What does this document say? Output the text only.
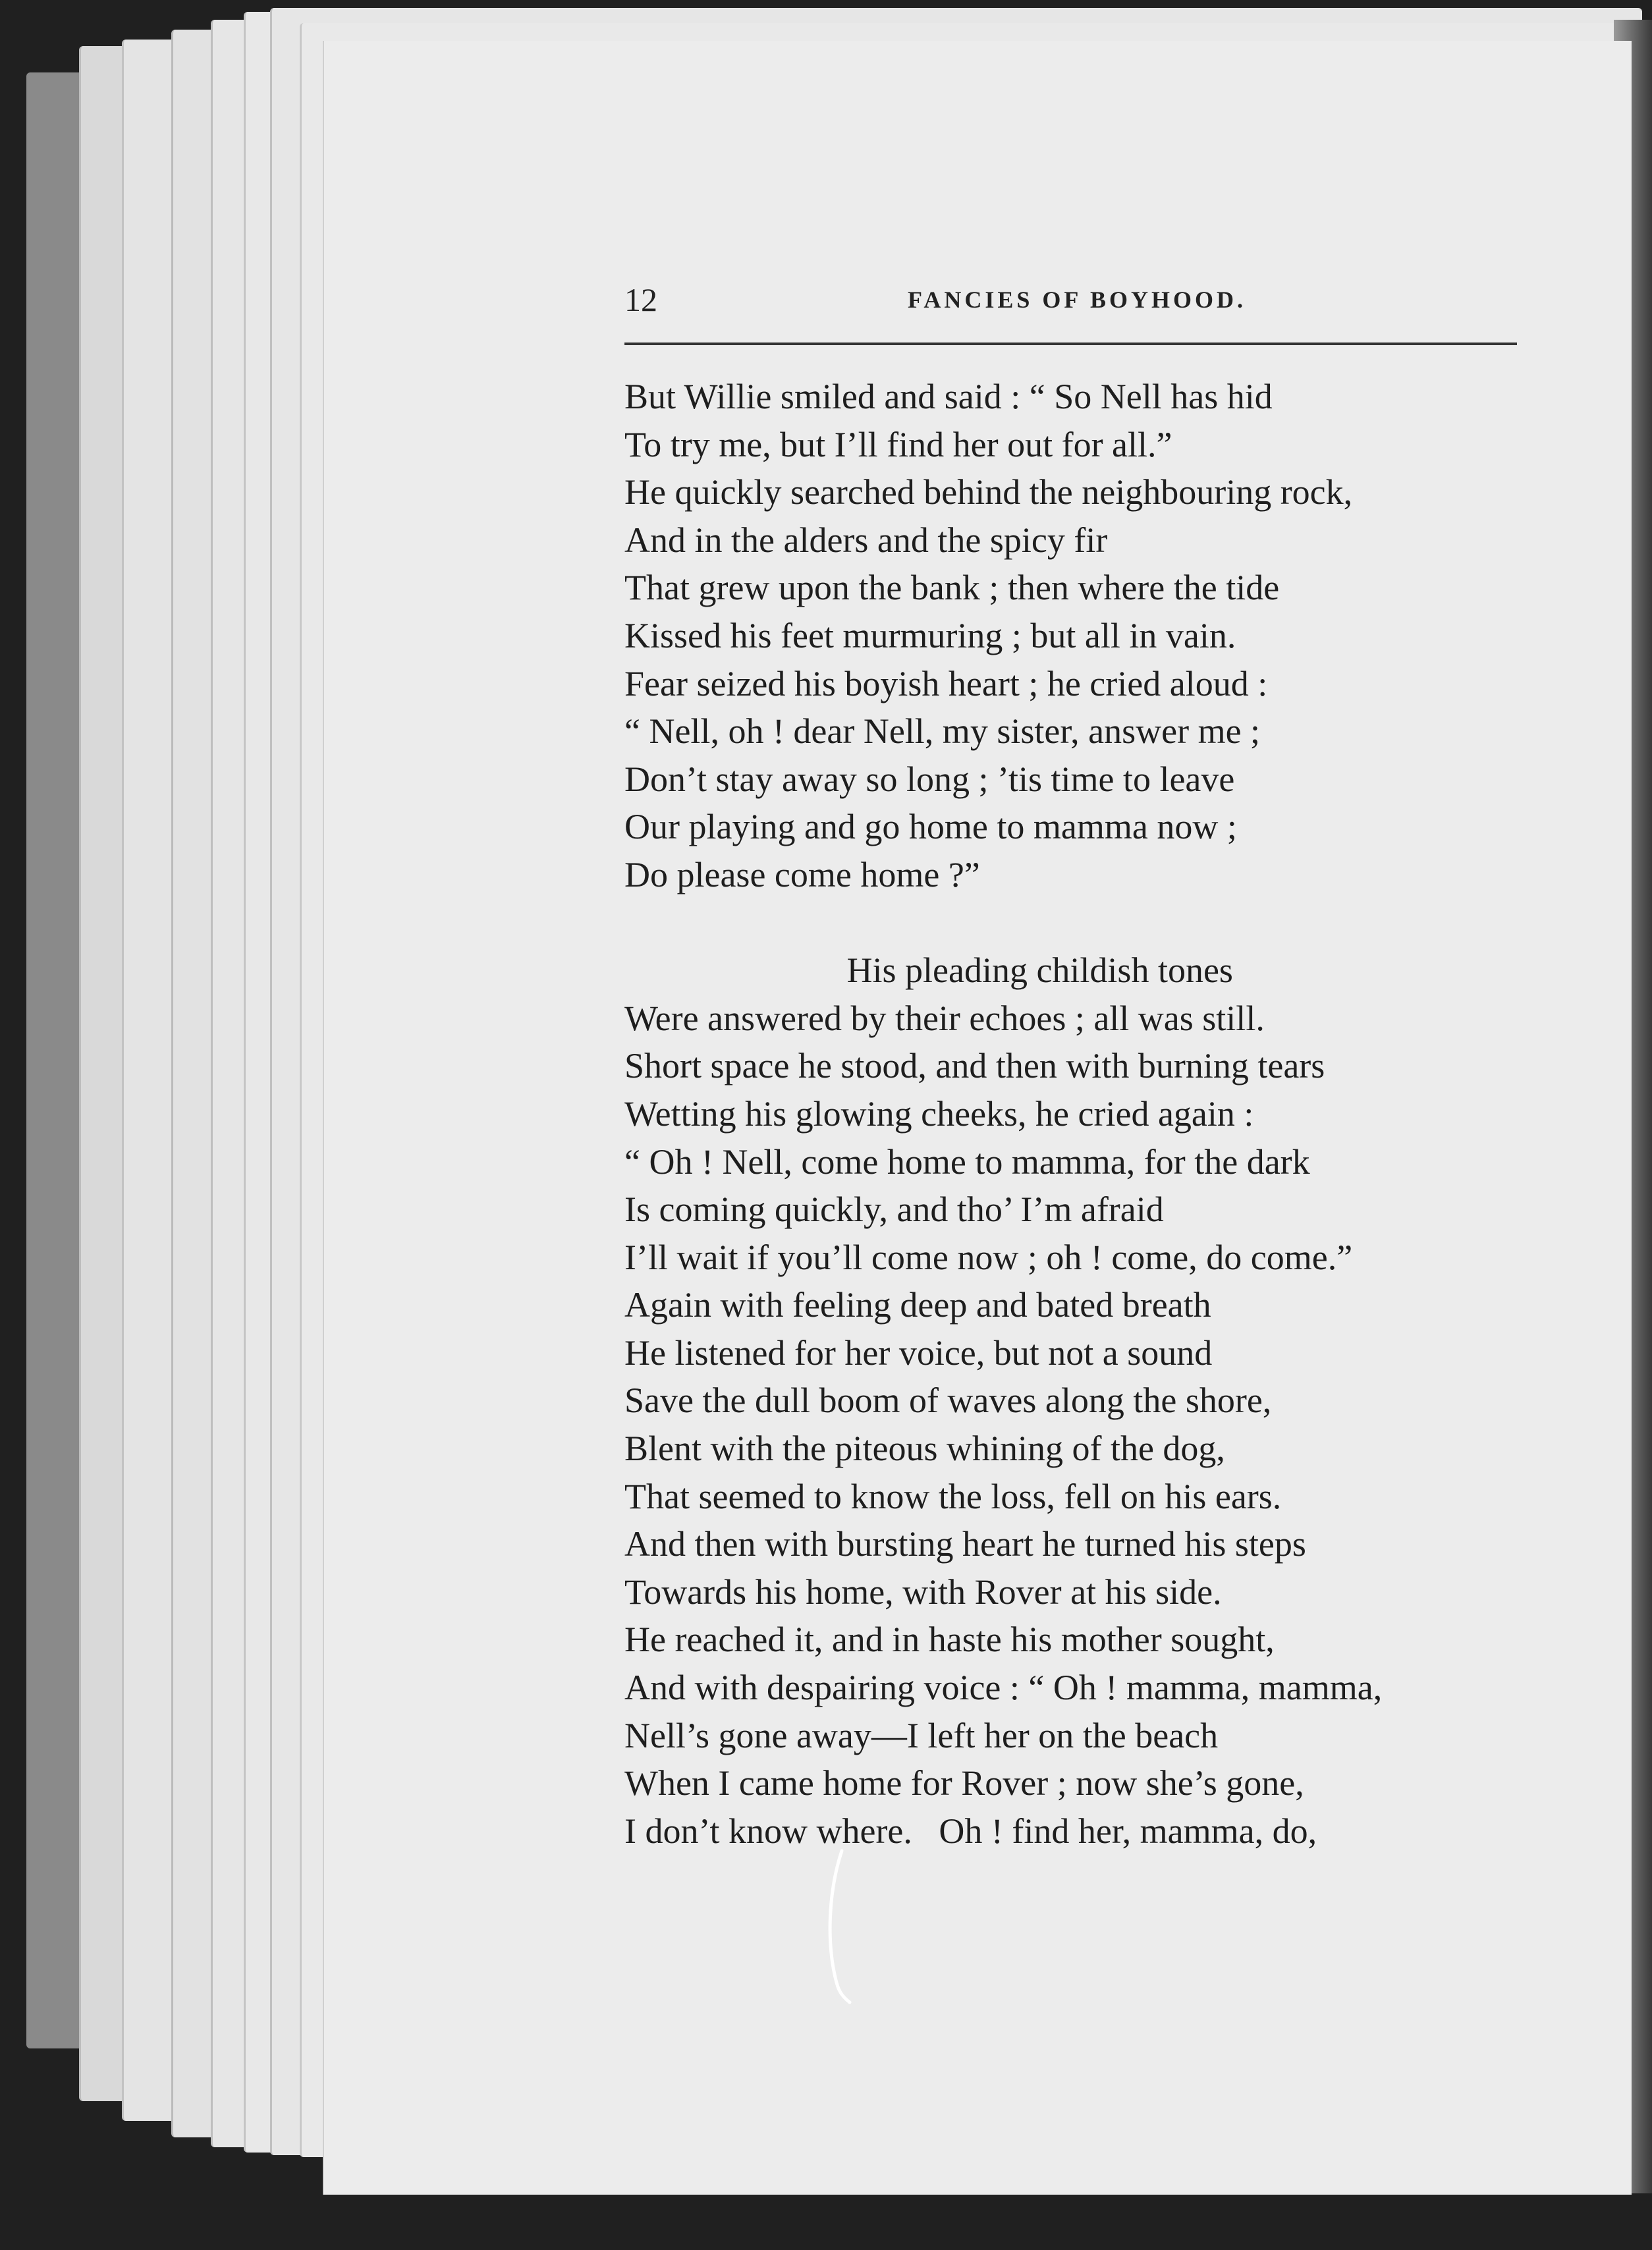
12	FANCIES OF BOYHOOD.
But Willie smiled and said : “ So Nell has hid
To try me, but I’ll find her out for all.”
He quickly searched behind the neighbouring rock,
And in the alders and the spicy fir
That grew upon the bank ; then where the tide
Kissed his feet murmuring ; but all in vain.
Fear seized his boyish heart ; he cried aloud :
“ Nell, oh ! dear Nell, my sister, answer me ;
Don’t stay away so long ; ’tis time to leave
Our playing and go home to mamma now ;
Do please come home ?”
His pleading childish tones
Were answered by their echoes ; all was still.
Short space he stood, and then with burning tears
Wetting his glowing cheeks, he cried again :
“ Oh ! Nell, come home to mamma, for the dark
Is coming quickly, and tho’ I’m afraid
I’ll wait if you’ll come now ; oh ! come, do come.”
Again with feeling deep and bated breath
He listened for her voice, but not a sound
Save the dull boom of waves along the shore,
Blent with the piteous whining of the dog,
That seemed to know the loss, fell on his ears.
And then with bursting heart he turned his steps
Towards his home, with Rover at his side.
He reached it, and in haste his mother sought,
And with despairing voice : “ Oh ! mamma, mamma,
Nell’s gone away—I left her on the beach
When I came home for Rover ; now she’s gone,
I don’t know where.   Oh ! find her, mamma, do,
